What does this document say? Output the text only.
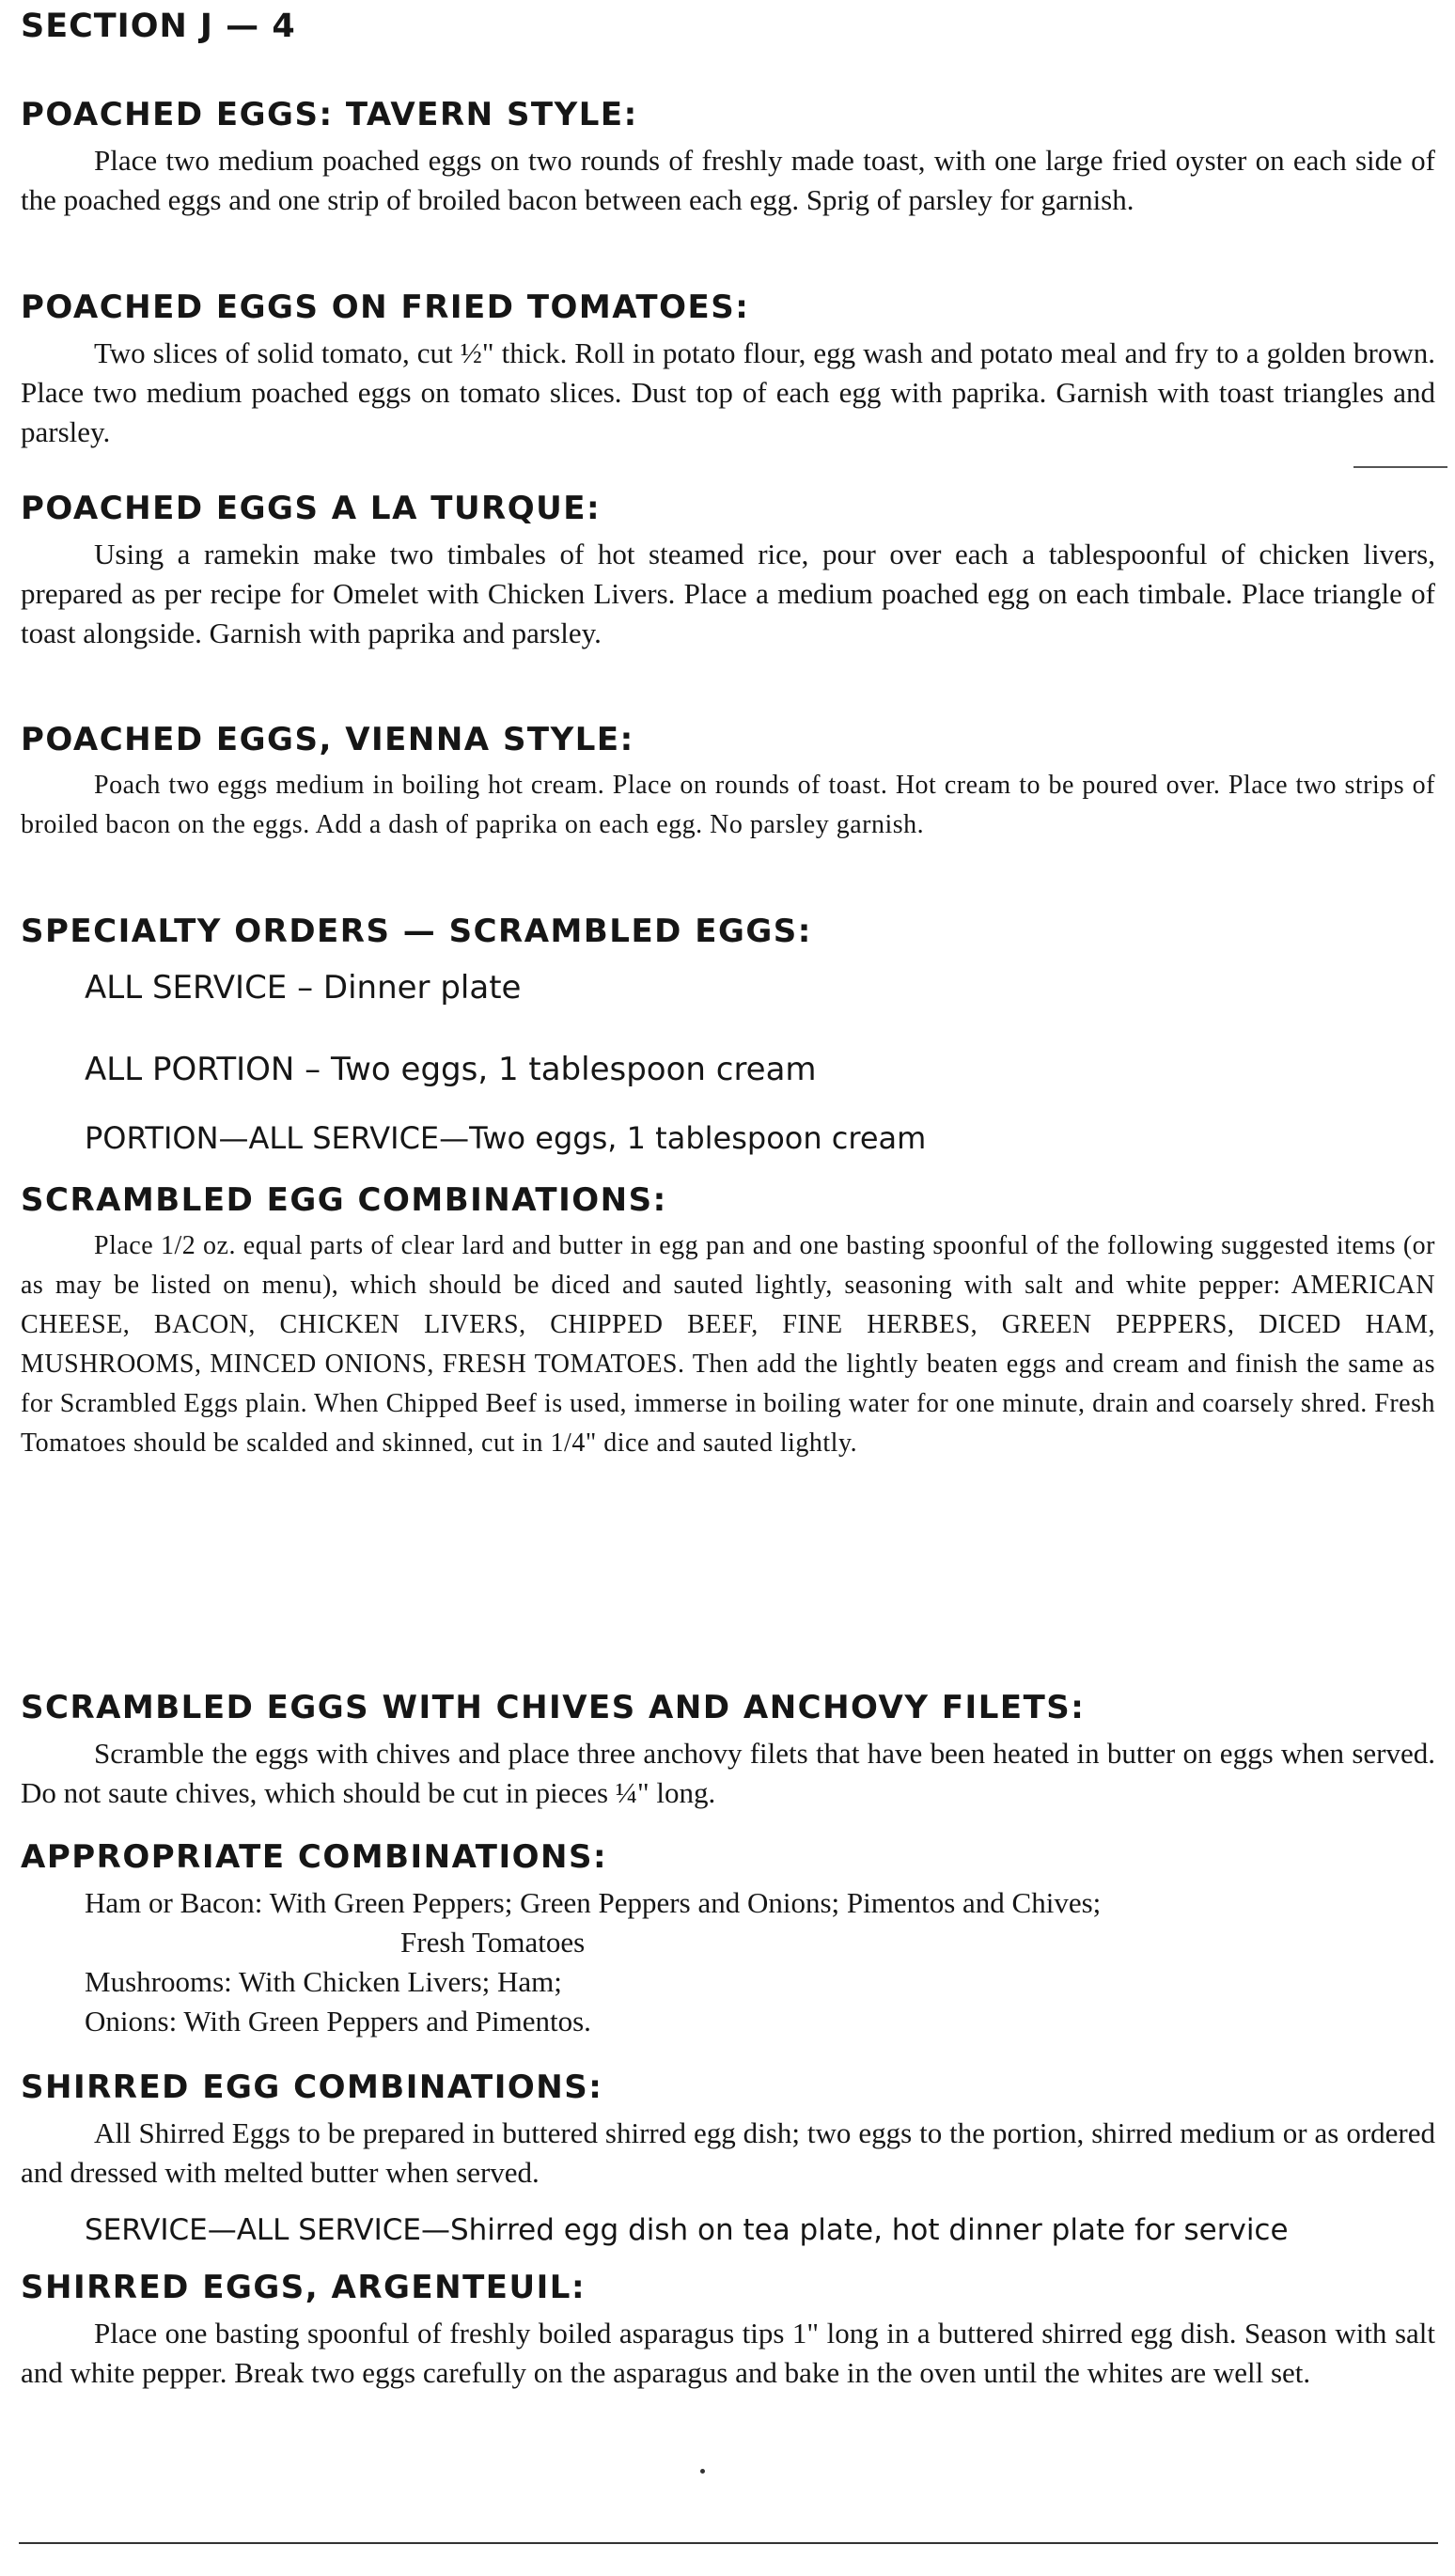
SECTION J — 4
POACHED EGGS: TAVERN STYLE:

Place two medium poached eggs on two rounds of freshly made toast, with one large fried oyster on each side of the poached eggs and one strip of broiled bacon between each egg. Sprig of parsley for garnish.

POACHED EGGS ON FRIED TOMATOES:

Two slices of solid tomato, cut ½" thick. Roll in potato flour, egg wash and potato meal and fry to a golden brown. Place two medium poached eggs on tomato slices. Dust top of each egg with paprika. Garnish with toast triangles and parsley.

POACHED EGGS A LA TURQUE:

Using a ramekin make two timbales of hot steamed rice, pour over each a tablespoonful of chicken livers, prepared as per recipe for Omelet with Chicken Livers. Place a medium poached egg on each timbale. Place triangle of toast alongside. Garnish with paprika and parsley.

POACHED EGGS, VIENNA STYLE:

Poach two eggs medium in boiling hot cream. Place on rounds of toast. Hot cream to be poured over. Place two strips of broiled bacon on the eggs. Add a dash of paprika on each egg. No parsley garnish.

SPECIALTY ORDERS — SCRAMBLED EGGS:

ALL SERVICE – Dinner plate

ALL PORTION – Two eggs, 1 tablespoon cream

PORTION—ALL SERVICE—Two eggs, 1 tablespoon cream

SCRAMBLED EGG COMBINATIONS:

Place 1/2 oz. equal parts of clear lard and butter in egg pan and one basting spoonful of the following suggested items (or as may be listed on menu), which should be diced and sauted lightly, seasoning with salt and white pepper: AMERICAN CHEESE, BACON, CHICKEN LIVERS, CHIPPED BEEF, FINE HERBES, GREEN PEPPERS, DICED HAM, MUSHROOMS, MINCED ONIONS, FRESH TOMATOES. Then add the lightly beaten eggs and cream and finish the same as for Scrambled Eggs plain. When Chipped Beef is used, immerse in boiling water for one minute, drain and coarsely shred. Fresh Tomatoes should be scalded and skinned, cut in 1/4" dice and sauted lightly.

SCRAMBLED EGGS WITH CHIVES AND ANCHOVY FILETS:

Scramble the eggs with chives and place three anchovy filets that have been heated in butter on eggs when served. Do not saute chives, which should be cut in pieces ¼" long.

APPROPRIATE COMBINATIONS:

Ham or Bacon: With Green Peppers; Green Peppers and Onions; Pimentos and Chives;

Fresh Tomatoes

Mushrooms: With Chicken Livers; Ham;

Onions: With Green Peppers and Pimentos.

SHIRRED EGG COMBINATIONS:

All Shirred Eggs to be prepared in buttered shirred egg dish; two eggs to the portion, shirred medium or as ordered and dressed with melted butter when served.

SERVICE—ALL SERVICE—Shirred egg dish on tea plate, hot dinner plate for service

SHIRRED EGGS, ARGENTEUIL:

Place one basting spoonful of freshly boiled asparagus tips 1" long in a buttered shirred egg dish. Season with salt and white pepper. Break two eggs carefully on the asparagus and bake in the oven until the whites are well set.
